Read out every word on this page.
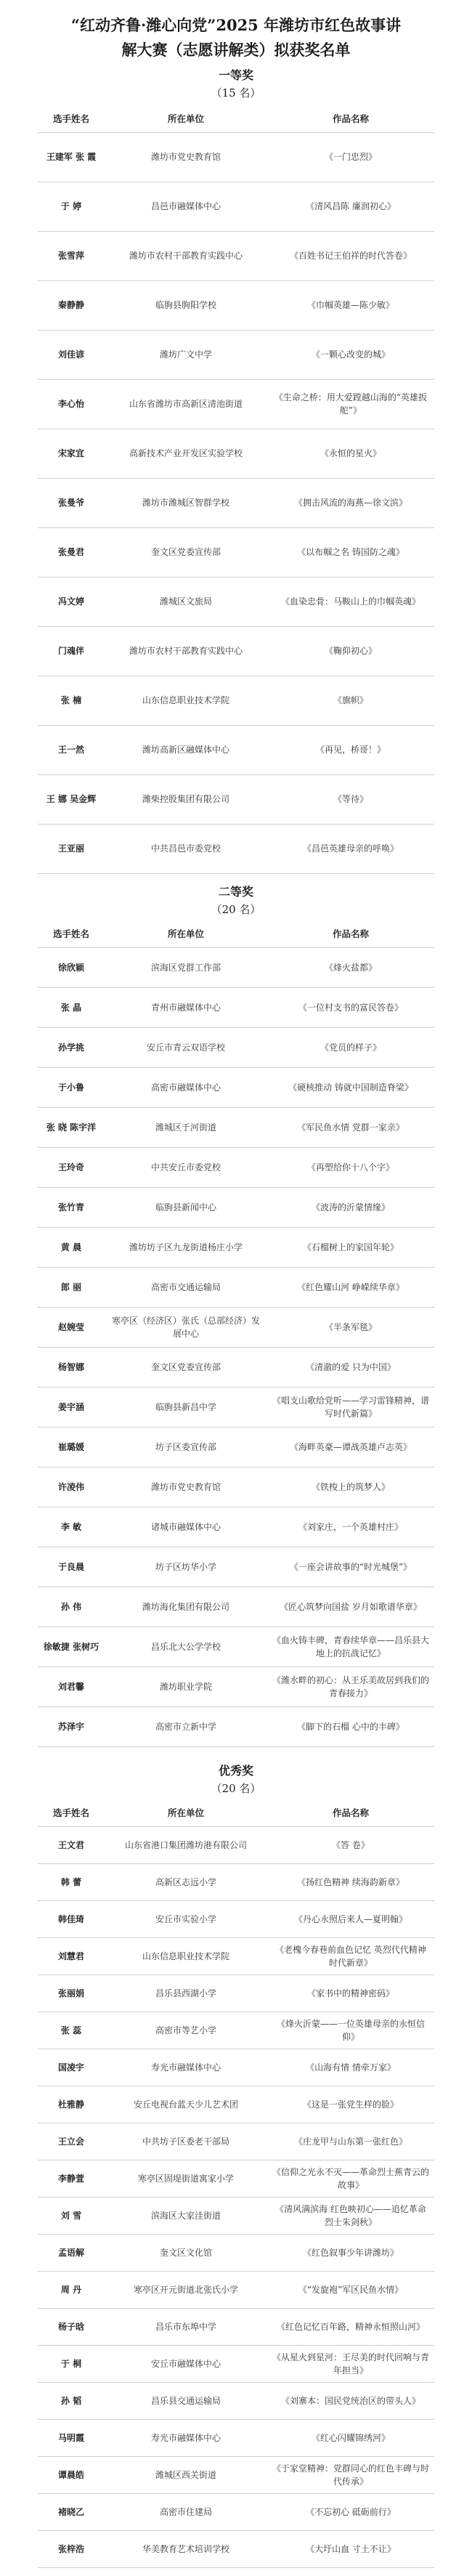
“红动齐鲁·潍心向党”2025 年潍坊市红色故事讲
解大赛（志愿讲解类）拟获奖名单
一等奖
（15 名）
选手姓名	所在单位	作品名称
王建军 张 霞	潍坊市党史教育馆	《一门忠烈》
于 婷	昌邑市融媒体中心	《清风昌陈 廉润初心》
张雪萍	潍坊市农村干部教育实践中心	《百姓书记王伯祥的时代答卷》
秦静静	临朐县朐阳学校	《巾帼英雄—陈少敏》
刘佳谚	潍坊广文中学	《一颗心改变的城》
李心怡	山东省潍坊市高新区清池街道	《生命之桥：用大爱蹚越山海的“英雄扳舵”》
宋家宜	高新技术产业开发区实验学校	《永恒的星火》
张曼爷	潍坊市潍城区智群学校	《拥击风流的海燕—徐文滨》
张曼君	奎文区党委宣传部	《以布帼之名 铸国防之魂》
冯文婷	潍城区文旅局	《血染忠骨：马鞍山上的巾帼英魂》
门魂伴	潍坊市农村干部教育实践中心	《鞠仰初心》
张 楠	山东信息职业技术学院	《旗帜》
王一然	潍坊高新区融媒体中心	《再见，桥哥！》
王 娜 吴金辉	潍柴控股集团有限公司	《等待》
王亚丽	中共昌邑市委党校	《昌邑英雄母亲的呼唤》
二等奖
（20 名）
选手姓名	所在单位	作品名称
徐欣颖	滨海区党群工作部	《烽火盐都》
张 晶	青州市融媒体中心	《一位村支书的富民答卷》
孙学挑	安丘市青云双语学校	《党员的样子》
于小鲁	高密市融媒体中心	《硬核推动 铸就中国制造脊梁》
张 晓 陈宇洋	潍城区于河街道	《军民鱼水情 党群一家亲》
王玲奇	中共安丘市委党校	《再塑给你十八个字》
张竹青	临朐县新闻中心	《波涛的沂蒙情缘》
黄 晨	潍坊坊子区九龙街道杨庄小学	《石榴树上的家国年轮》
郎 丽	高密市交通运输局	《红色耀山河 峥嵘续华章》
赵婉莹	寒亭区（经济区）张氏（总部经济）发展中心	《半条军毯》
杨智娜	奎文区党委宣传部	《清澈的爱 只为中国》
姜宇涵	临朐县新昌中学	《唱支山歌给党听——学习雷锋精神，谱写时代新篇》
崔璐媛	坊子区委宣传部	《海畔英豪—谭战英雄卢志英》
许凌伟	潍坊市党史教育馆	《铁梭上的筑梦人》
李 敏	诸城市融媒体中心	《刘家庄，一个英雄村庄》
于良晨	坊子区坊华小学	《一座会讲故事的“时光城堡”》
孙 伟	潍坊海化集团有限公司	《匠心筑梦向国盐 岁月如歌谱华章》
徐敏捷 张树巧	昌乐北大公学学校	《血火铸丰碑，青春续华章——昌乐县大地上的抗战记忆》
刘君馨	潍坊职业学院	《潍水畔的初心：从王乐美故居到我们的青春接力》
苏泽宇	高密市立新中学	《脚下的石榴 心中的丰碑》
优秀奖
（20 名）
选手姓名	所在单位	作品名称
王文君	山东省港口集团潍坊港有限公司	《答 卷》
韩 蕾	高新区志远小学	《扬红色精神 续海韵新章》
韩佳琦	安丘市实验小学	《丹心永照后来人—夏明翰》
刘慧君	山东信息职业技术学院	《老槐今春巷前血色记忆 英烈代代精神时代新章》
张丽娟	昌乐县西湖小学	《家书中的精神密码》
张 蕊	高密市等艺小学	《烽火沂蒙——一位英雄母亲的永恒信仰》
国凌宇	寿光市融媒体中心	《山海有情 情牵万家》
杜雅静	安丘电视台蓝天少儿艺术团	《这是一张党生样的脸》
王立会	中共坊子区委老干部局	《庄龙甲与山东第一张红色》
李静萱	寒亭区固堤街道寓家小学	《信仰之光永不灭——革命烈士蕉青云的故事》
刘 雪	滨海区大家洼街道	《清风满滨海 红色映初心——追忆革命烈士朱剑秋》
孟语解	奎文区文化馆	《红色叙事少年讲潍坊》
周 丹	寒亭区开元街道北张氏小学	《“发旋袍”军区民鱼水情》
杨子晗	昌乐市东埠中学	《红色记忆百年路，精神永恒照山河》
于 桐	安丘市融媒体中心	《从星火到星河：王尽美的时代回响与青年担当》
孙 韬	昌乐县交通运输局	《刘寨本：国民党统治区的带头人》
马明霞	寿光市融媒体中心	《红心闪耀锦绣河》
谭晨皓	潍城区西关街道	《于家堂精神：党群同心的红色丰碑与时代传承》
褚晓乙	高密市住建局	《不忘初心 砥砺前行》
张梓浩	华美教育艺术培训学校	《大圩山血 寸土不让》
